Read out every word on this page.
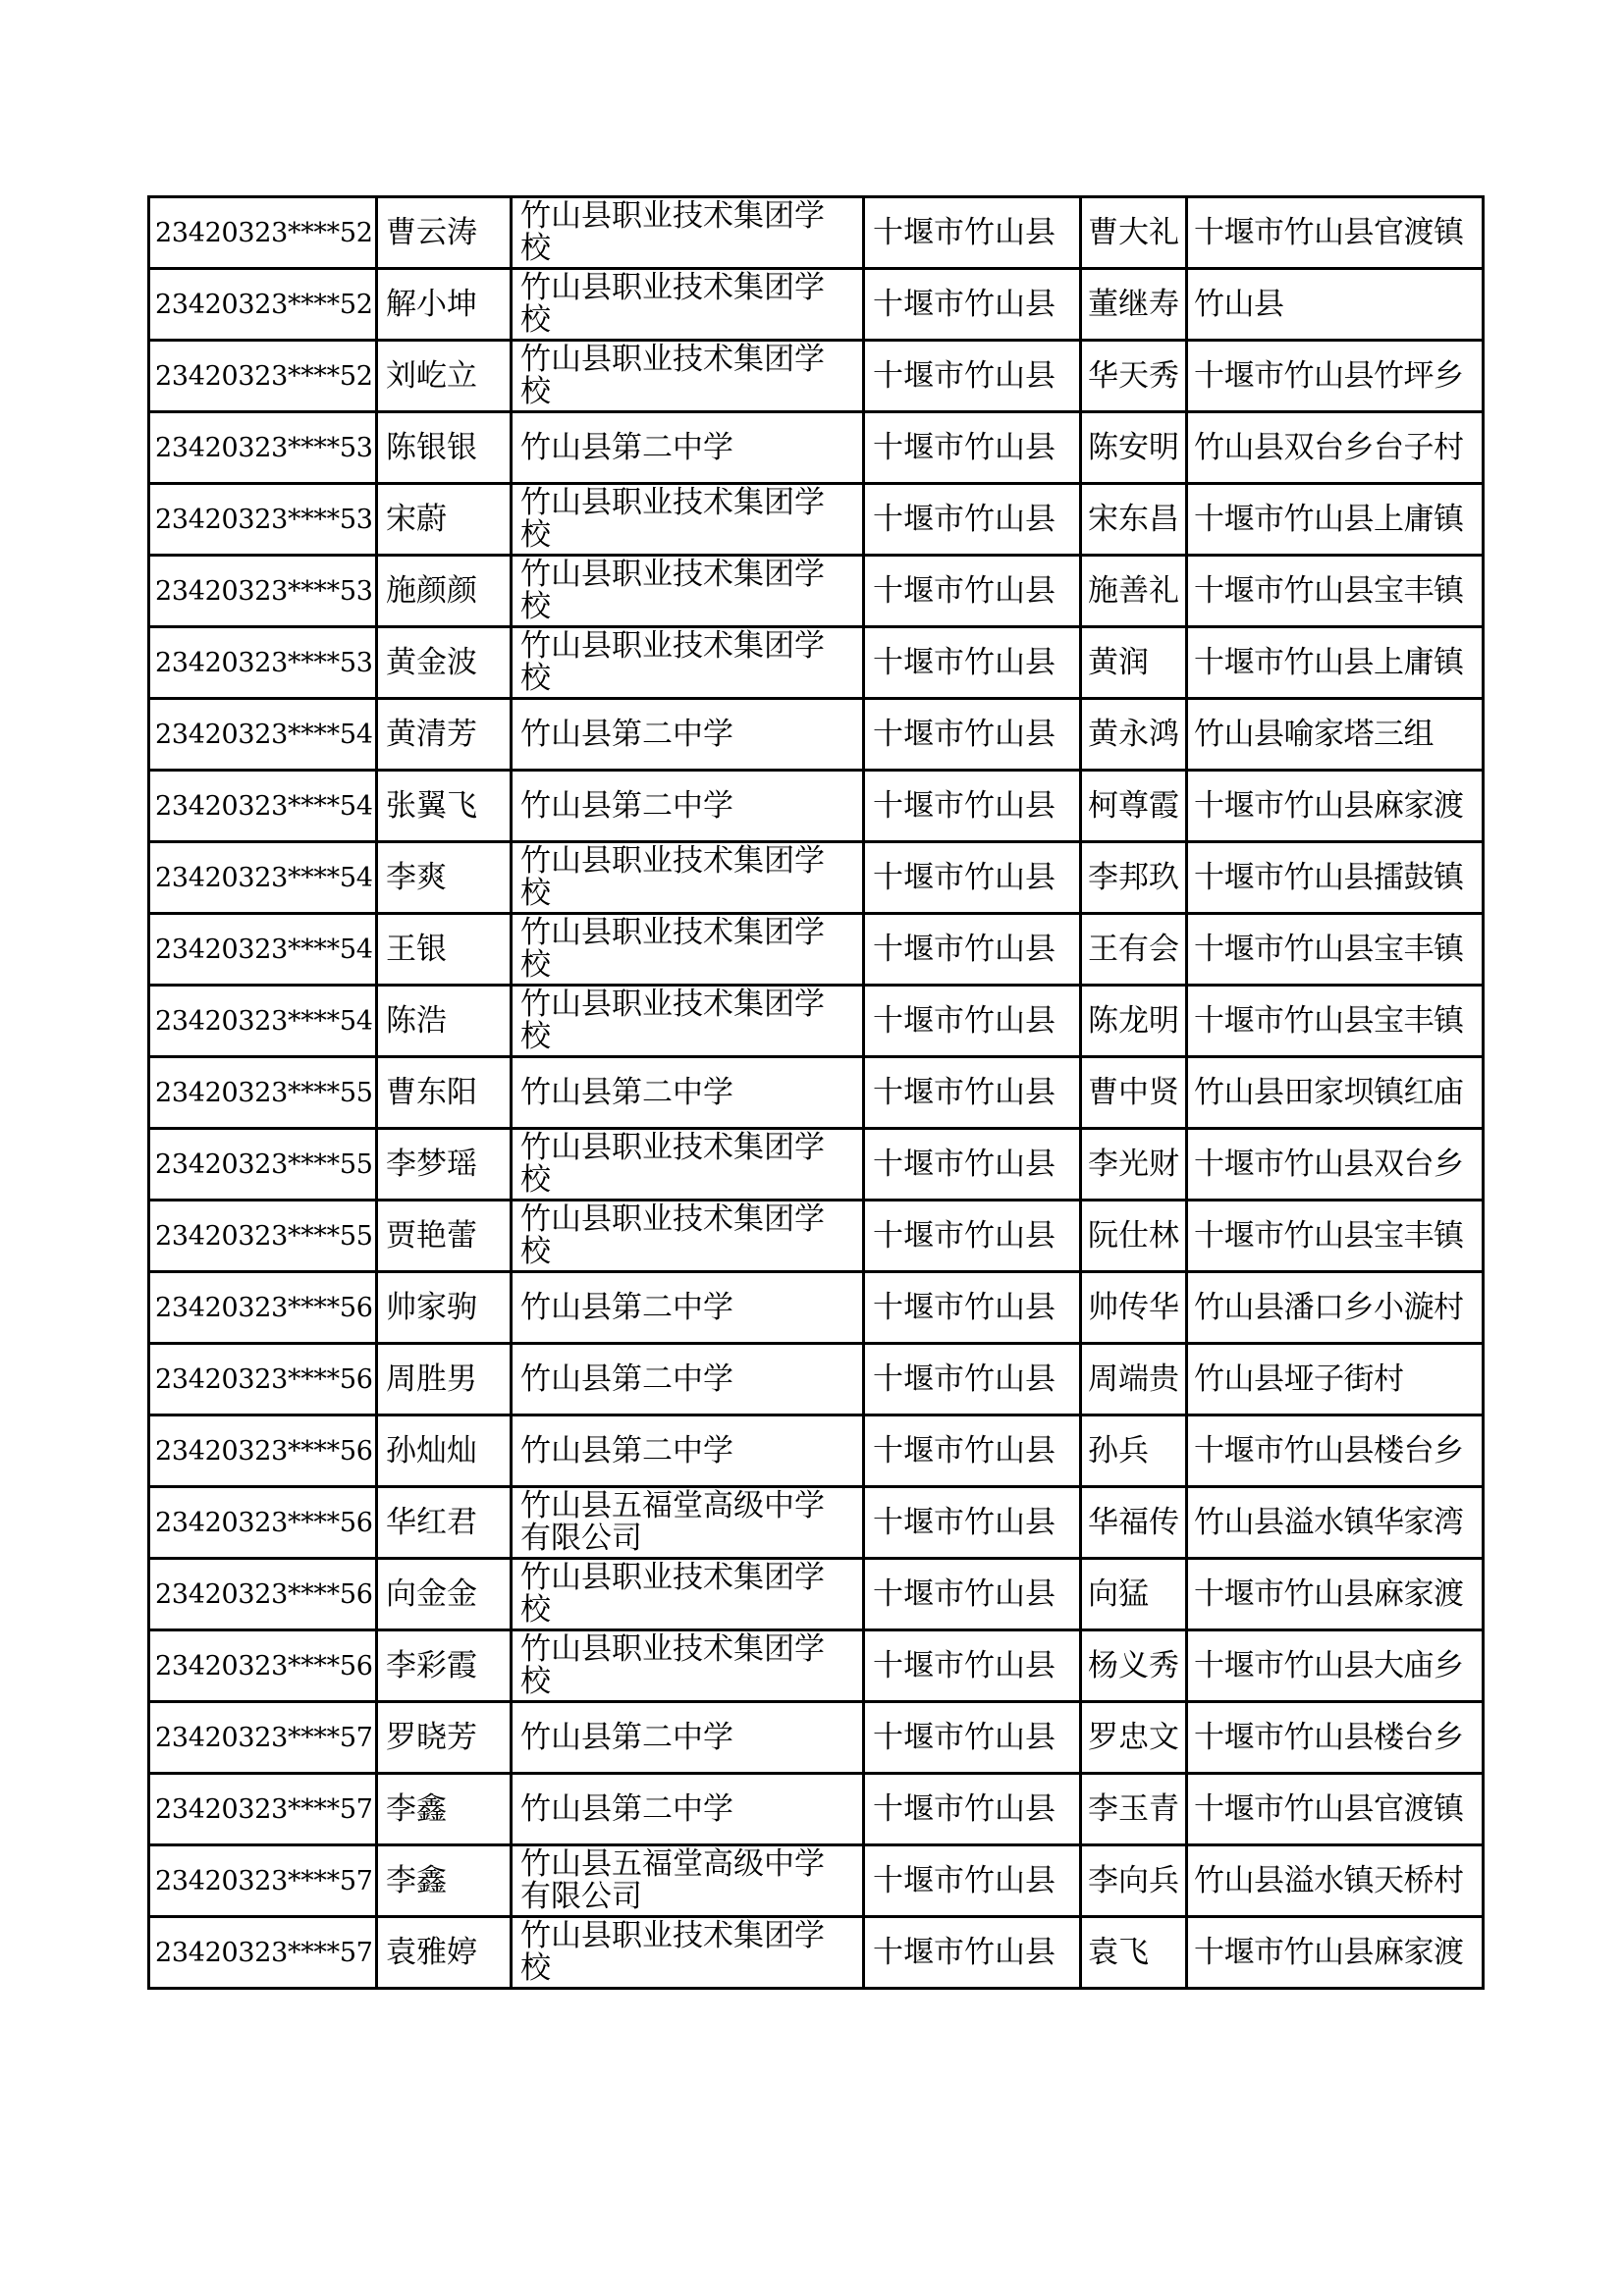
23420323****52	曹云涛	竹山县职业技术集团学校	十堰市竹山县	曹大礼	十堰市竹山县官渡镇
23420323****52	解小坤	竹山县职业技术集团学校	十堰市竹山县	董继寿	竹山县
23420323****52	刘屹立	竹山县职业技术集团学校	十堰市竹山县	华天秀	十堰市竹山县竹坪乡
23420323****53	陈银银	竹山县第二中学	十堰市竹山县	陈安明	竹山县双台乡台子村
23420323****53	宋蔚	竹山县职业技术集团学校	十堰市竹山县	宋东昌	十堰市竹山县上庸镇
23420323****53	施颜颜	竹山县职业技术集团学校	十堰市竹山县	施善礼	十堰市竹山县宝丰镇
23420323****53	黄金波	竹山县职业技术集团学校	十堰市竹山县	黄润	十堰市竹山县上庸镇
23420323****54	黄清芳	竹山县第二中学	十堰市竹山县	黄永鸿	竹山县喻家塔三组
23420323****54	张翼飞	竹山县第二中学	十堰市竹山县	柯尊霞	十堰市竹山县麻家渡
23420323****54	李爽	竹山县职业技术集团学校	十堰市竹山县	李邦玖	十堰市竹山县擂鼓镇
23420323****54	王银	竹山县职业技术集团学校	十堰市竹山县	王有会	十堰市竹山县宝丰镇
23420323****54	陈浩	竹山县职业技术集团学校	十堰市竹山县	陈龙明	十堰市竹山县宝丰镇
23420323****55	曹东阳	竹山县第二中学	十堰市竹山县	曹中贤	竹山县田家坝镇红庙
23420323****55	李梦瑶	竹山县职业技术集团学校	十堰市竹山县	李光财	十堰市竹山县双台乡
23420323****55	贾艳蕾	竹山县职业技术集团学校	十堰市竹山县	阮仕林	十堰市竹山县宝丰镇
23420323****56	帅家驹	竹山县第二中学	十堰市竹山县	帅传华	竹山县潘口乡小漩村
23420323****56	周胜男	竹山县第二中学	十堰市竹山县	周端贵	竹山县垭子街村
23420323****56	孙灿灿	竹山县第二中学	十堰市竹山县	孙兵	十堰市竹山县楼台乡
23420323****56	华红君	竹山县五福堂高级中学有限公司	十堰市竹山县	华福传	竹山县溢水镇华家湾
23420323****56	向金金	竹山县职业技术集团学校	十堰市竹山县	向猛	十堰市竹山县麻家渡
23420323****56	李彩霞	竹山县职业技术集团学校	十堰市竹山县	杨义秀	十堰市竹山县大庙乡
23420323****57	罗晓芳	竹山县第二中学	十堰市竹山县	罗忠文	十堰市竹山县楼台乡
23420323****57	李鑫	竹山县第二中学	十堰市竹山县	李玉青	十堰市竹山县官渡镇
23420323****57	李鑫	竹山县五福堂高级中学有限公司	十堰市竹山县	李向兵	竹山县溢水镇天桥村
23420323****57	袁雅婷	竹山县职业技术集团学校	十堰市竹山县	袁飞	十堰市竹山县麻家渡
